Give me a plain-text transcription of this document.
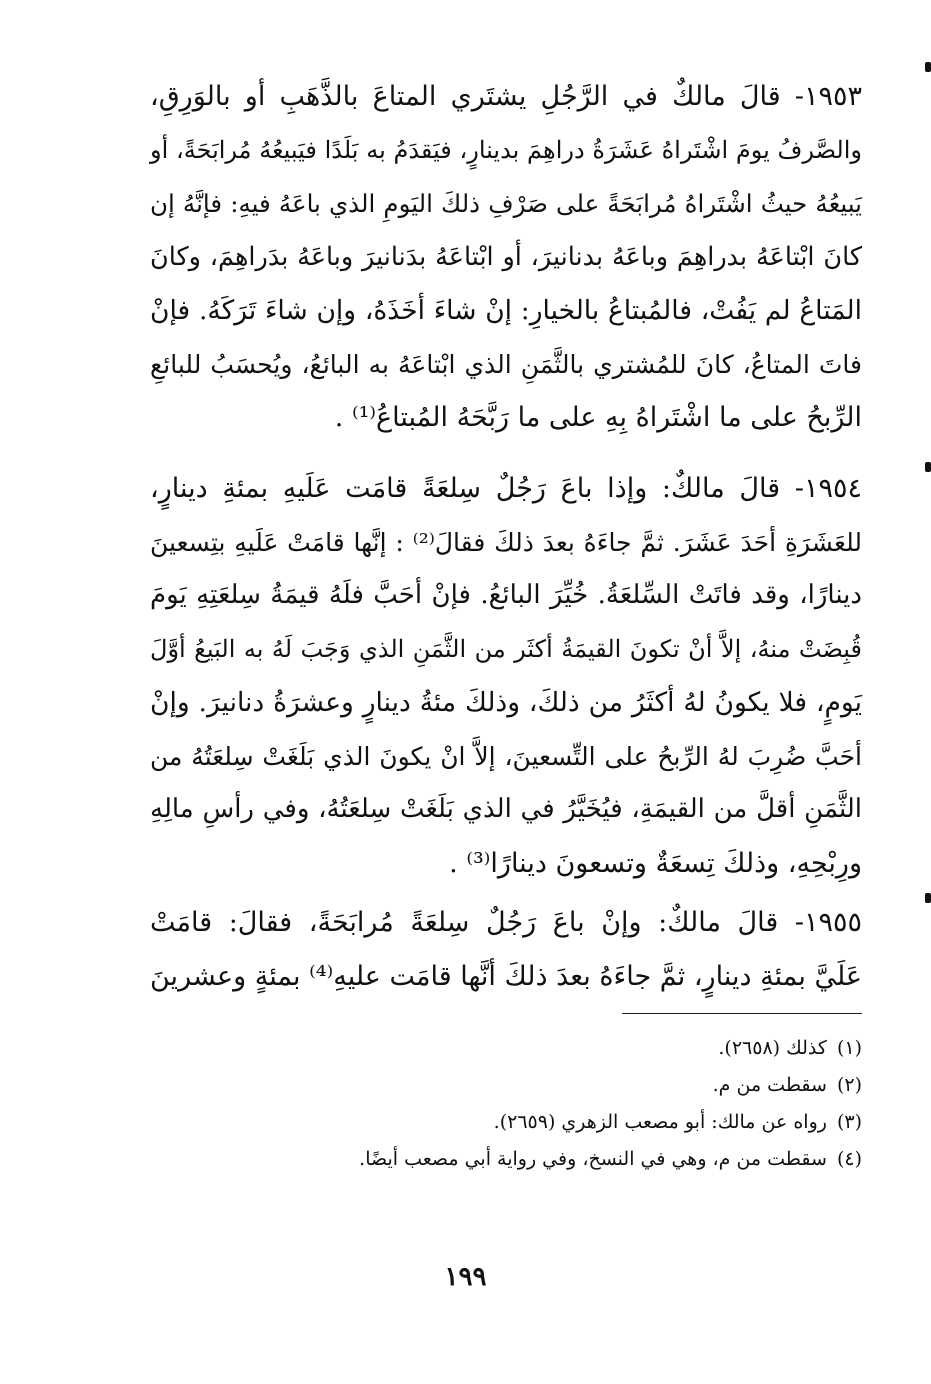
١٩٥٣- قالَ مالكٌ في الرَّجُلِ يشتَري المتاعَ بالذَّهَبِ أو بالوَرِقِ،
والصَّرفُ يومَ اشْتَراهُ عَشَرَةُ دراهِمَ بدينارٍ، فيَقدَمُ به بَلَدًا فيَبيعُهُ مُرابَحَةً، أو
يَبيعُهُ حيثُ اشْتَراهُ مُرابَحَةً على صَرْفِ ذلكَ اليَومِ الذي باعَهُ فيهِ: فإنَّهُ إن
كانَ ابْتاعَهُ بدراهِمَ وباعَهُ بدنانيرَ، أو ابْتاعَهُ بدَنانيرَ وباعَهُ بدَراهِمَ، وكانَ
المَتاعُ لم يَفُتْ، فالمُبتاعُ بالخيارِ: إنْ شاءَ أخَذَهُ، وإن شاءَ تَرَكَهُ. فإنْ
فاتَ المتاعُ، كانَ للمُشتري بالثَّمَنِ الذي ابْتاعَهُ به البائعُ، ويُحسَبُ للبائعِ
الرِّبحُ على ما اشْتَراهُ بِهِ على ما رَبَّحَهُ المُبتاعُ⁽¹⁾ .

١٩٥٤- قالَ مالكٌ: وإذا باعَ رَجُلٌ سِلعَةً قامَت عَلَيهِ بمئةِ دينارٍ،
للعَشَرَةِ أحَدَ عَشَرَ. ثمَّ جاءَهُ بعدَ ذلكَ فقالَ⁽²⁾ : إنَّها قامَتْ عَلَيهِ بتِسعينَ
دينارًا، وقد فاتَتْ السِّلعَةُ. خُيِّرَ البائعُ. فإنْ أحَبَّ فلَهُ قيمَةُ سِلعَتِهِ يَومَ
قُبِضَتْ منهُ، إلاَّ أنْ تكونَ القيمَةُ أكثَر من الثَّمَنِ الذي وَجَبَ لَهُ به البَيعُ أوَّلَ
يَومٍ، فلا يكونُ لهُ أكثَرُ من ذلكَ، وذلكَ مئةُ دينارٍ وعشرَةُ دنانيرَ. وإنْ
أحَبَّ ضُرِبَ لهُ الرِّبحُ على التِّسعينَ، إلاَّ انْ يكونَ الذي بَلَغَتْ سِلعَتُهُ من
الثَّمَنِ أقلَّ من القيمَةِ، فيُخَيَّرُ في الذي بَلَغَتْ سِلعَتُهُ، وفي رأسِ مالِهِ
ورِبْحِهِ، وذلكَ تِسعَةٌ وتسعونَ دينارًا⁽³⁾ .

١٩٥٥- قالَ مالكٌ: وإنْ باعَ رَجُلٌ سِلعَةً مُرابَحَةً، فقالَ: قامَتْ
عَلَيَّ بمئةِ دينارٍ، ثمَّ جاءَهُ بعدَ ذلكَ أنَّها قامَت عليهِ⁽⁴⁾ بمئةٍ وعشرينَ

(١)كذلك (٢٦٥٨).
(٢)سقطت من م.
(٣)رواه عن مالك: أبو مصعب الزهري (٢٦٥٩).
(٤)سقطت من م، وهي في النسخ، وفي رواية أبي مصعب أيضًا.
١٩٩
